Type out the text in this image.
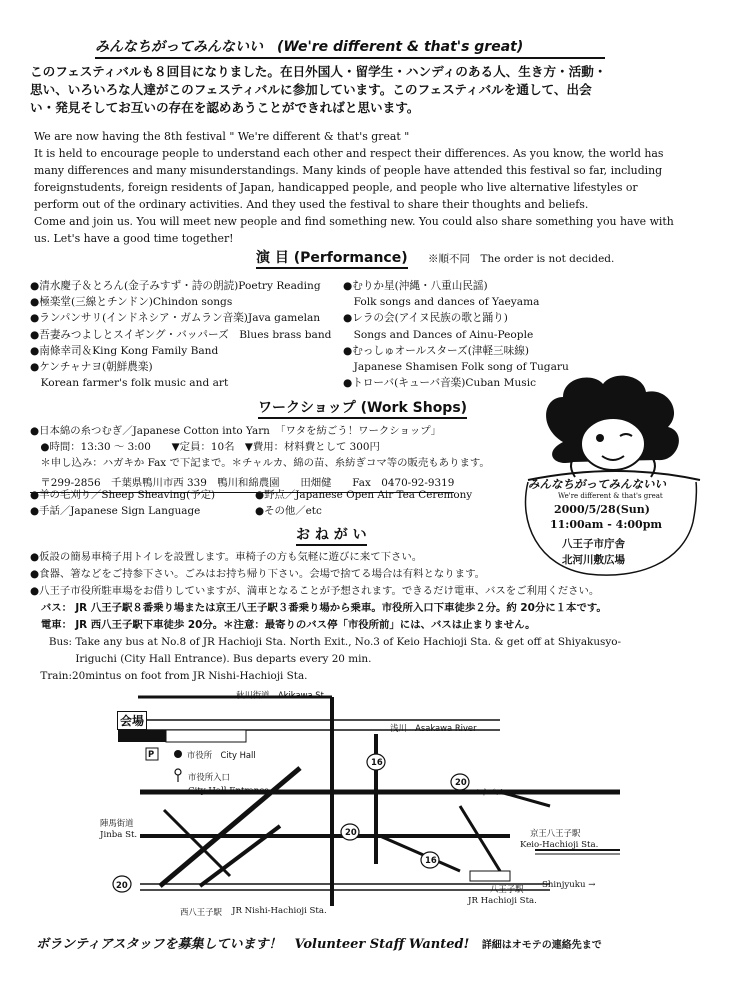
みんなちがってみんないい　(We're different & that's great)
このフェスティバルも８回目になりました。在日外国人・留学生・ハンディのある人、生き方・活動・
思い、いろいろな人達がこのフェスティバルに参加しています。このフェスティバルを通して、出会
い・発見そしてお互いの存在を認めあうことができればと思います。
We are now having the 8th festival " We're different & that's great "
It is held to encourage people to understand each other and respect their differences. As you know, the world has
many differences and many misunderstandings. Many kinds of people have attended this festival so far, including
foreignstudents, foreign residents of Japan, handicapped people, and people who live alternative lifestyles or
perform out of the ordinary activities. And they used the festival to share their thoughts and beliefs.
Come and join us. You will meet new people and find something new. You could also share something you have with
us. Let's have a good time together!
演 目 (Performance) ※順不同　The order is not decided.
●清水慶子＆とろん(金子みすず・詩の朗読)Poetry Reading
●極楽堂(三線とチンドン)Chindon songs
●ランパンサリ(インドネシア・ガムラン音楽)Java gamelan
●吾妻みつよしとスイギング・バッパーズ　Blues brass band
●南條幸司＆King Kong Family Band
●ケンチャナヨ(朝鮮農楽)
　Korean farmer's folk music and art
●むりか星(沖縄・八重山民謡)
　Folk songs and dances of Yaeyama
●レラの会(アイヌ民族の歌と踊り)
　Songs and Dances of Ainu-People
●むっしゅオールスターズ(津軽三味線)
　Japanese Shamisen Folk song of Tugaru
●トローバ(キューバ音楽)Cuban Music
ワークショップ (Work Shops)
●日本綿の糸つむぎ／Japanese Cotton into Yarn　「ワタを紡ごう！ワークショップ」
　●時間：13:30 ～ 3:00　　▼定員：10名　▼費用：材料費として 300円
　＊申し込み：ハガキか Fax で下記まで。＊チャルカ、綿の苗、糸紡ぎコマ等の販売もあります。
　〒299-2856　千葉県鴨川市西 339　鴨川和綿農園　　田畑健　　Fax　0470-92-9319
●羊の毛刈り／Sheep Sheaving(予定)
●手話／Japanese Sign Language
●野点／Japanese Open Air Tea Ceremony
●その他／etc
みんなちがってみんないい
We're different & that's great
2000/5/28(Sun)
11:00am - 4:00pm
八王子市庁舎
北河川敷広場
お ね が い
●仮設の簡易車椅子用トイレを設置します。車椅子の方も気軽に遊びに来て下さい。
●食器、箸などをご持参下さい。ごみはお持ち帰り下さい。会場で捨てる場合は有料となります。
●八王子市役所駐車場をお借りしていますが、満車となることが予想されます。できるだけ電車、バスをご利用ください。
バス： JR 八王子駅８番乗り場または京王八王子駅３番乗り場から乗車。市役所入口下車徒歩２分。約 20分に１本です。
電車： JR 西八王子駅下車徒歩 20分。＊注意：最寄りのバス停「市役所前」には、バスは止まりません。
Bus: Take any bus at No.8 of JR Hachioji Sta. North Exit., No.3 of Keio Hachioji Sta. & get off at Shiyakusyo-
Iriguchi (City Hall Entrance). Bus departs every 20 min.
Train:20mintus on foot from JR Nishi-Hachioji Sta.
秋川街道　Akikawa St.
会場	浅川　Asakawa River
P	市役所　City Hall
市役所入口
City Hall Entrance
16
20
バイパス
陣馬街道
Jinba St.	20	京王八王子駅
Keio-Hachioji Sta.
16
20	八王子駅
JR Hachioji Sta.
Shinjyuku →
西八王子駅 JR Nishi-Hachioji Sta.
ボランティアスタッフを募集しています！　Volunteer Staff Wanted! 詳細はオモテの連絡先まで
